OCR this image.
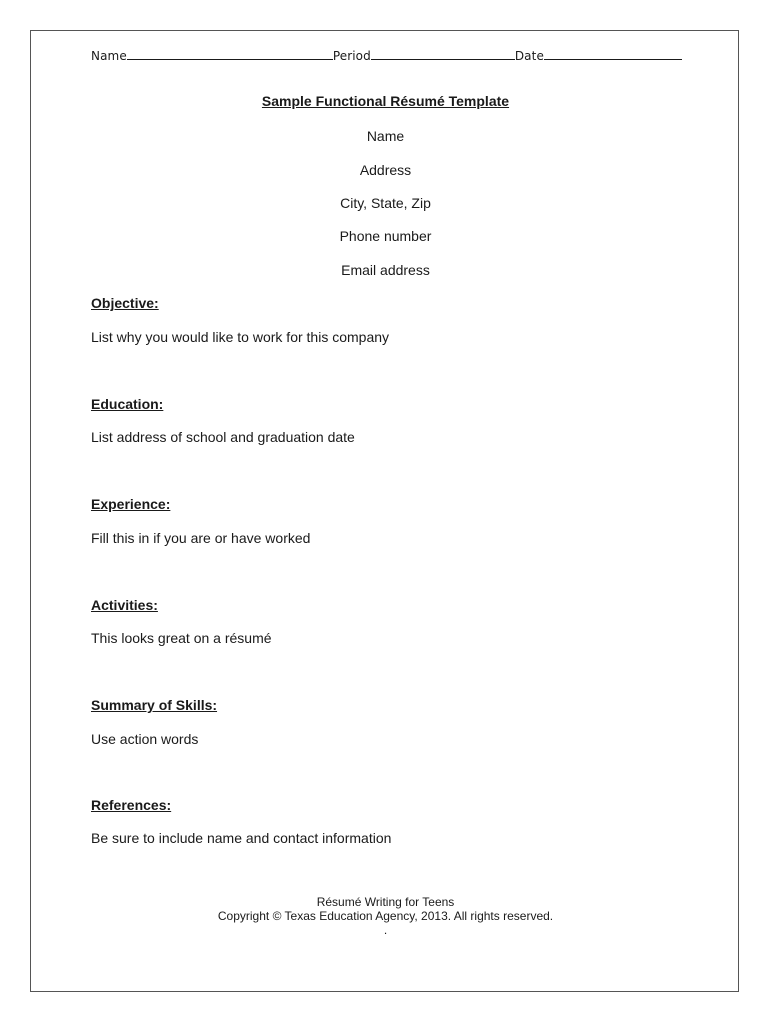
Name	Period	Date
Sample Functional Résumé Template
Name
Address
City, State, Zip
Phone number
Email address
Objective:
List why you would like to work for this company
Education:
List address of school and graduation date
Experience:
Fill this in if you are or have worked
Activities:
This looks great on a résumé
Summary of Skills:
Use action words
References:
Be sure to include name and contact information
Résumé Writing for Teens
Copyright © Texas Education Agency, 2013. All rights reserved.
.
